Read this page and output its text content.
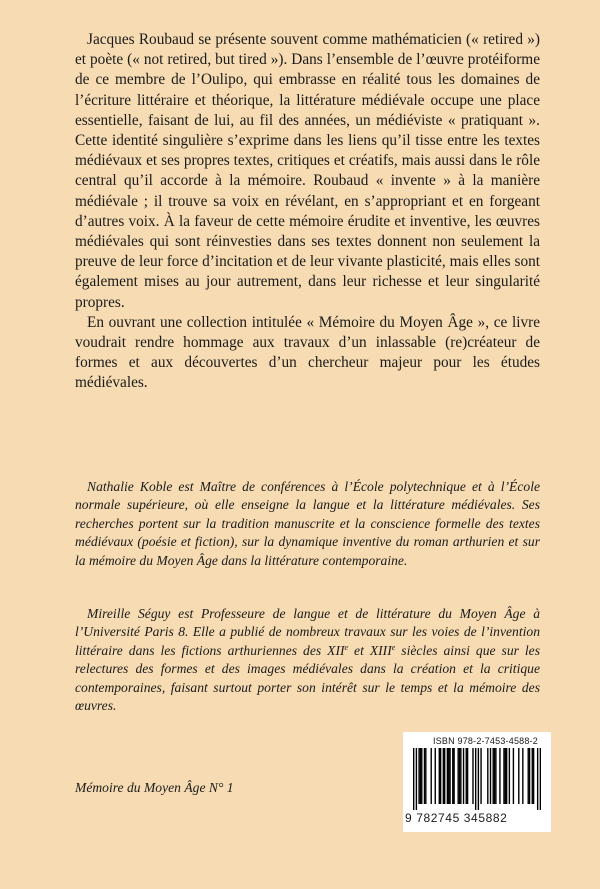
Jacques Roubaud se présente souvent comme mathématicien (« retired ») et poète (« not retired, but tired »). Dans l’ensemble de l’œuvre protéiforme de ce membre de l’Oulipo, qui embrasse en réalité tous les domaines de l’écriture littéraire et théorique, la littérature médiévale occupe une place essentielle, faisant de lui, au fil des années, un médiéviste « pratiquant ». Cette identité singulière s’exprime dans les liens qu’il tisse entre les textes médiévaux et ses propres textes, critiques et créatifs, mais aussi dans le rôle central qu’il accorde à la mémoire. Roubaud « invente » à la manière médiévale ; il trouve sa voix en révélant, en s’appropriant et en forgeant d’autres voix. À la faveur de cette mémoire érudite et inventive, les œuvres médiévales qui sont réinvesties dans ses textes donnent non seulement la preuve de leur force d’incitation et de leur vivante plasticité, mais elles sont également mises au jour autrement, dans leur richesse et leur singularité propres.

En ouvrant une collection intitulée « Mémoire du Moyen Âge », ce livre voudrait rendre hommage aux travaux d’un inlassable (re)créateur de formes et aux découvertes d’un chercheur majeur pour les études médiévales.

Nathalie Koble est Maître de conférences à l’École polytechnique et à l’École normale supérieure, où elle enseigne la langue et la littérature médiévales. Ses recherches portent sur la tradition manuscrite et la conscience formelle des textes médiévaux (poésie et fiction), sur la dynamique inventive du roman arthurien et sur la mémoire du Moyen Âge dans la littérature contemporaine.

Mireille Séguy est Professeure de langue et de littérature du Moyen Âge à l’Université Paris 8. Elle a publié de nombreux travaux sur les voies de l’invention littéraire dans les fictions arthuriennes des XIIe et XIIIe siècles ainsi que sur les relectures des formes et des images médiévales dans la création et la critique contemporaines, faisant surtout porter son intérêt sur le temps et la mémoire des œuvres.

Mémoire du Moyen Âge N° 1
ISBN 978-2-7453-4588-2
9 782745 345882
